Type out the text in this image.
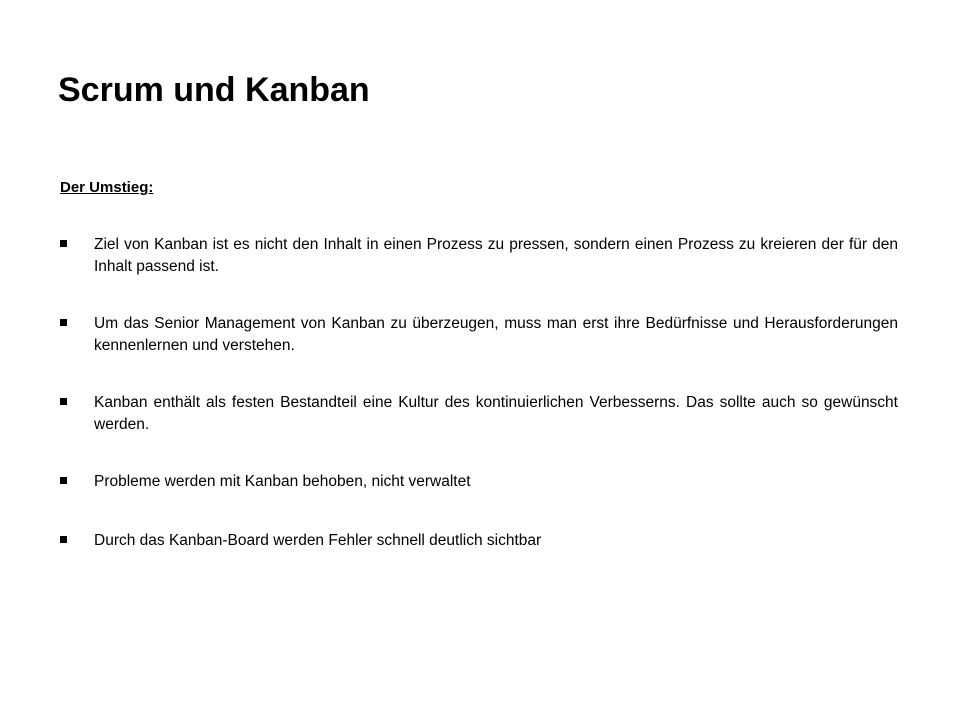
Scrum und Kanban

Der Umstieg:

Ziel von Kanban ist es nicht den Inhalt in einen Prozess zu pressen, sondern einen Prozess zu kreieren der für den Inhalt passend ist.
Um das Senior Management von Kanban zu überzeugen, muss man erst ihre Bedürfnisse und Herausforderungen kennenlernen und verstehen.
Kanban enthält als festen Bestandteil eine Kultur des kontinuierlichen Verbesserns. Das sollte auch so gewünscht werden.
Probleme werden mit Kanban behoben, nicht verwaltet
Durch das Kanban-Board werden Fehler schnell deutlich sichtbar
